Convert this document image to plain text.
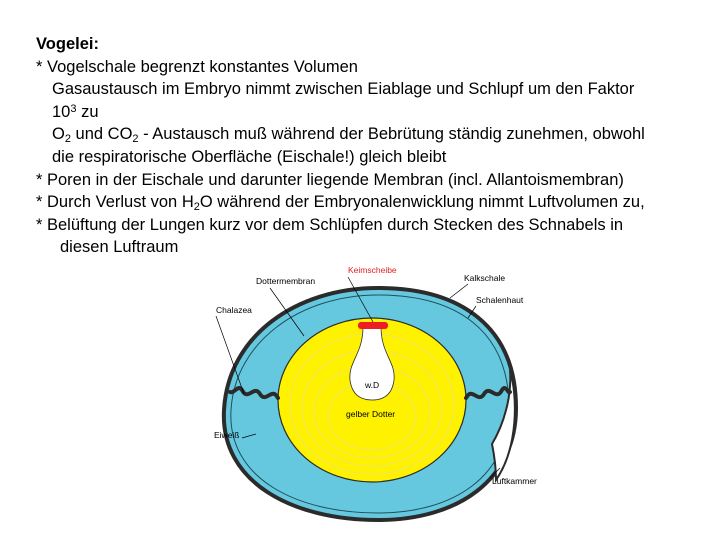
Vogelei:
* Vogelschale begrenzt konstantes Volumen
Gasaustausch im Embryo nimmt zwischen Eiablage und Schlupf um den Faktor
$10^3$ zu
$O_2$ und $CO_2$ - Austausch muß während der Bebrütung ständig zunehmen, obwohl
die respiratorische Oberfläche (Eischale!) gleich bleibt
* Poren in der Eischale und darunter liegende Membran (incl. Allantoismembran)
* Durch Verlust von $H_2O$ während der Embryonalenwicklung nimmt Luftvolumen zu,
* Belüftung der Lungen kurz vor dem Schlüpfen durch Stecken des Schnabels in
diesen Luftraum
Keimscheibe
Dottermembran	Kalkschale
Chalazea
Schalenhaut
w.D
gelber Dotter
Eiweiß
Luftkammer
